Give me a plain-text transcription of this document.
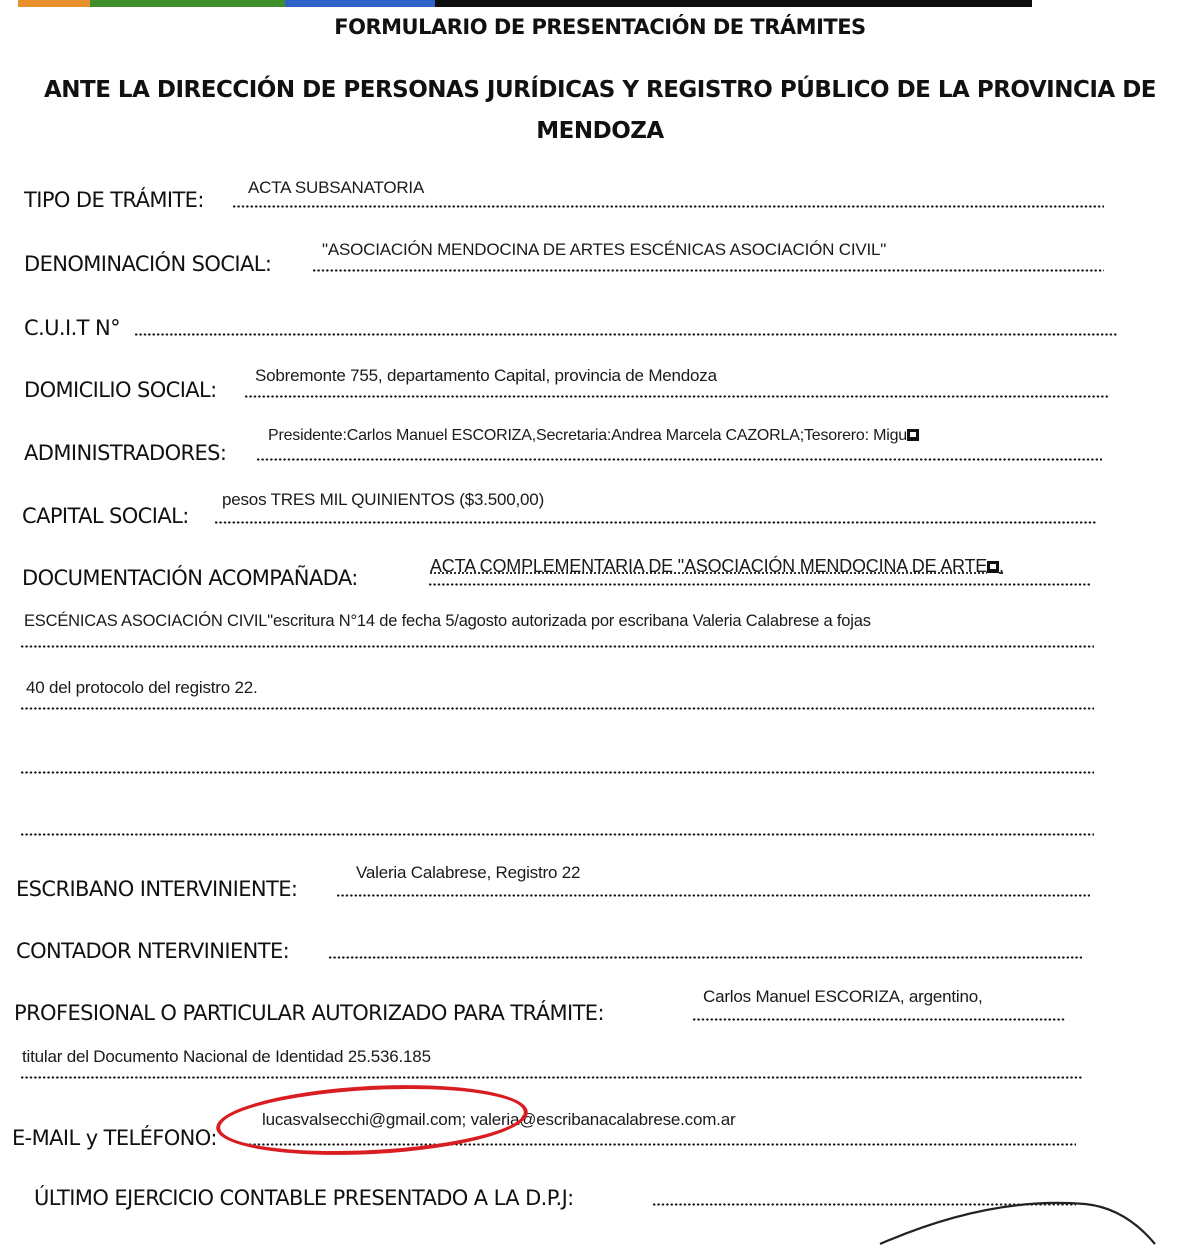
FORMULARIO DE PRESENTACIÓN DE TRÁMITES
ANTE LA DIRECCIÓN DE PERSONAS JURÍDICAS Y REGISTRO PÚBLICO DE LA PROVINCIA DE
MENDOZA
TIPO DE TRÁMITE:
ACTA SUBSANATORIA
DENOMINACIÓN SOCIAL:
"ASOCIACIÓN MENDOCINA DE ARTES ESCÉNICAS ASOCIACIÓN CIVIL"
C.U.I.T N°
DOMICILIO SOCIAL:
Sobremonte 755, departamento Capital, provincia de Mendoza
ADMINISTRADORES:
Presidente:Carlos Manuel ESCORIZA,Secretaria:Andrea Marcela CAZORLA;Tesorero: Migu
CAPITAL SOCIAL:
pesos TRES MIL QUINIENTOS ($3.500,00)
DOCUMENTACIÓN ACOMPAÑADA:	ACTA COMPLEMENTARIA DE "ASOCIACIÓN MENDOCINA DE ARTE .
ESCÉNICAS ASOCIACIÓN CIVIL"escritura N°14 de fecha 5/agosto autorizada por escribana Valeria Calabrese a fojas
40 del protocolo del registro 22.
ESCRIBANO INTERVINIENTE:
Valeria Calabrese, Registro 22
CONTADOR NTERVINIENTE:
PROFESIONAL O PARTICULAR AUTORIZADO PARA TRÁMITE:
Carlos Manuel ESCORIZA, argentino,
titular del Documento Nacional de Identidad 25.536.185
E-MAIL y TELÉFONO:
lucasvalsecchi@gmail.com; valeria@escribanacalabrese.com.ar
ÚLTIMO EJERCICIO CONTABLE PRESENTADO A LA D.P.J:
